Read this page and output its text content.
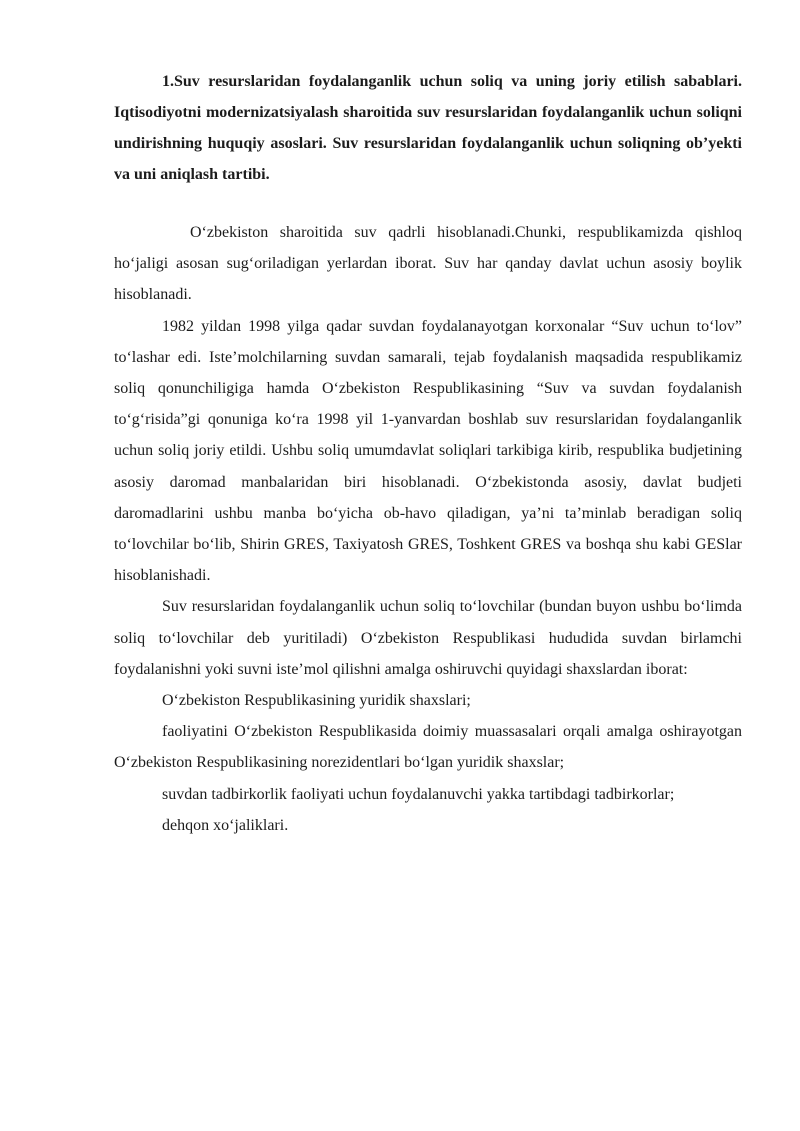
1.Suv resurslaridan foydalanganlik uchun soliq va uning joriy etilish sabablari. Iqtisodiyotni modernizatsiyalash sharoitida suv resurslaridan foydalanganlik uchun soliqni undirishning huquqiy asoslari. Suv resurslaridan foydalanganlik uchun soliqning ob’yekti va uni aniqlash tartibi.

O‘zbekiston sharoitida suv qadrli hisoblanadi.Chunki, respublikamizda qishloq ho‘jaligi asosan sug‘oriladigan yerlardan iborat. Suv har qanday davlat uchun asosiy boylik hisoblanadi.

1982 yildan 1998 yilga qadar suvdan foydalanayotgan korxonalar “Suv uchun to‘lov” to‘lashar edi. Iste’molchilarning suvdan samarali, tejab foydalanish maqsadida respublikamiz soliq qonunchiligiga hamda O‘zbekiston Respublikasining “Suv va suvdan foydalanish to‘g‘risida”gi qonuniga ko‘ra 1998 yil 1-yanvardan boshlab suv resurslaridan foydalanganlik uchun soliq joriy etildi. Ushbu soliq umumdavlat soliqlari tarkibiga kirib, respublika budjetining asosiy daromad manbalaridan biri hisoblanadi. O‘zbekistonda asosiy, davlat budjeti daromadlarini ushbu manba bo‘yicha ob-havo qiladigan, ya’ni ta’minlab beradigan soliq to‘lovchilar bo‘lib, Shirin GRES, Taxiyatosh GRES, Toshkent GRES va boshqa shu kabi GESlar hisoblanishadi.

Suv resurslaridan foydalanganlik uchun soliq to‘lovchilar (bundan buyon ushbu bo‘limda soliq to‘lovchilar deb yuritiladi) O‘zbekiston Respublikasi hududida suvdan birlamchi foydalanishni yoki suvni iste’mol qilishni amalga oshiruvchi quyidagi shaxslardan iborat:

O‘zbekiston Respublikasining yuridik shaxslari;

faoliyatini O‘zbekiston Respublikasida doimiy muassasalari orqali amalga oshirayotgan O‘zbekiston Respublikasining norezidentlari bo‘lgan yuridik shaxslar;

suvdan tadbirkorlik faoliyati uchun foydalanuvchi yakka tartibdagi tadbirkorlar;

dehqon xo‘jaliklari.
